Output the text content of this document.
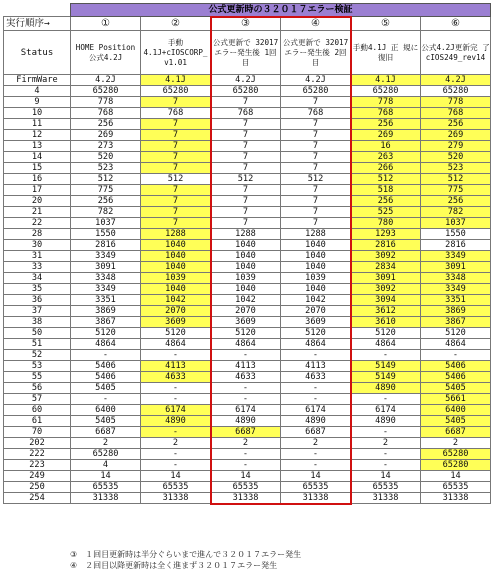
	公式更新時の３２０１７エラー検証					
実行順序→	①	②	③	④	⑤	⑥
Status	HOME Position 公式4.2J	手動 4.1J+cIOSCORP_ v1.01	公式更新で 32017エラー発生後 1回目	公式更新で 32017エラー発生後 2回目	手動4.1J 正 規に復旧	公式4.2J更新完 了 cIOS249_rev14
FirmWare	4.2J	4.1J	4.2J	4.2J	4.1J	4.2J
4	65280	65280	65280	65280	65280	65280
9	778	7	7	7	778	778
10	768	768	768	768	768	768
11	256	7	7	7	256	256
12	269	7	7	7	269	269
13	273	7	7	7	16	279
14	520	7	7	7	263	520
15	523	7	7	7	266	523
16	512	512	512	512	512	512
17	775	7	7	7	518	775
20	256	7	7	7	256	256
21	782	7	7	7	525	782
22	1037	7	7	7	780	1037
28	1550	1288	1288	1288	1293	1550
30	2816	1040	1040	1040	2816	2816
31	3349	1040	1040	1040	3092	3349
33	3091	1040	1040	1040	2834	3091
34	3348	1039	1039	1039	3091	3348
35	3349	1040	1040	1040	3092	3349
36	3351	1042	1042	1042	3094	3351
37	3869	2070	2070	2070	3612	3869
38	3867	3609	3609	3609	3610	3867
50	5120	5120	5120	5120	5120	5120
51	4864	4864	4864	4864	4864	4864
52	-	-	-	-	-	-
53	5406	4113	4113	4113	5149	5406
55	5406	4633	4633	4633	5149	5406
56	5405	-	-	-	4890	5405
57	-	-	-	-	-	5661
60	6400	6174	6174	6174	6174	6400
61	5405	4890	4890	4890	4890	5405
70	6687	-	6687	6687	-	6687
202	2	2	2	2	2	2
222	65280	-	-	-	-	65280
223	4	-	-	-	-	65280
249	14	14	14	14	14	14
250	65535	65535	65535	65535	65535	65535
254	31338	31338	31338	31338	31338	31338
③　１回目更新時は半分ぐらいまで進んで３２０１７エラー発生
④　２回目以降更新時は全く進まず３２０１７エラー発生
